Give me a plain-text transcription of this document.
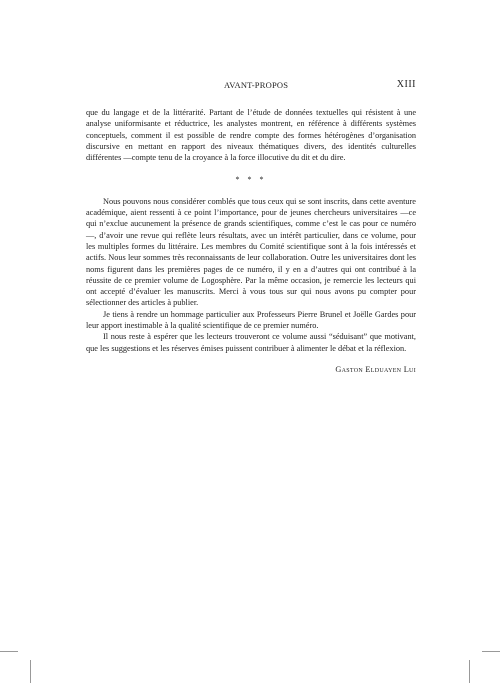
AVANT-PROPOS	XIII

que du langage et de la littérarité. Partant de l’étude de données textuelles qui résistent à une analyse uniformisante et réductrice, les analystes montrent, en référence à différents systèmes conceptuels, comment il est possible de rendre compte des formes hétérogènes d’organisation discursive en mettant en rapport des niveaux thématiques divers, des identités culturelles différentes —compte tenu de la croyance à la force illocutive du dit et du dire.

* * *

Nous pouvons nous considérer comblés que tous ceux qui se sont inscrits, dans cette aventure académique, aient ressenti à ce point l’importance, pour de jeunes chercheurs universitaires —ce qui n’exclue aucunement la présence de grands scientifiques, comme c’est le cas pour ce numéro—, d’avoir une revue qui reflète leurs résultats, avec un intérêt particulier, dans ce volume, pour les multiples formes du littéraire. Les membres du Comité scientifique sont à la fois intéressés et actifs. Nous leur sommes très reconnaissants de leur collaboration. Outre les universitaires dont les noms figurent dans les premières pages de ce numéro, il y en a d’autres qui ont contribué à la réussite de ce premier volume de Logosphère. Par la même occasion, je remercie les lecteurs qui ont accepté d’évaluer les manuscrits. Merci à vous tous sur qui nous avons pu compter pour sélectionner des articles à publier.

Je tiens à rendre un hommage particulier aux Professeurs Pierre Brunel et Joëlle Gardes pour leur apport inestimable à la qualité scientifique de ce premier numéro.

Il nous reste à espérer que les lecteurs trouveront ce volume aussi “séduisant” que motivant, que les suggestions et les réserves émises puissent contribuer à alimenter le débat et la réflexion.

Gaston Elduayen Lui
